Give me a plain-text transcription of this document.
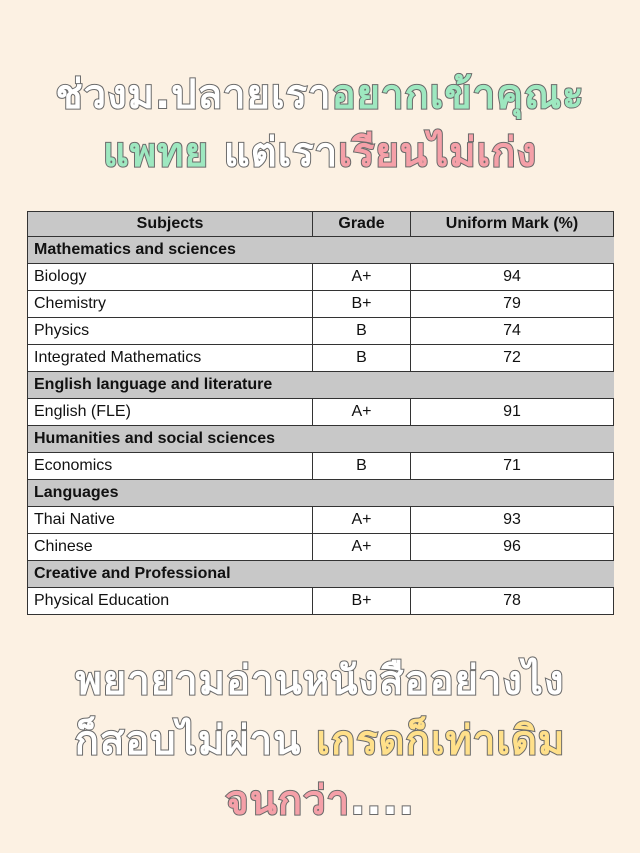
ช่วงม.ปลายเราอยากเข้าคุณะ
แพทย แต่เราเรียนไม่เก่ง
Subjects	Grade	Uniform Mark (%)
Mathematics and sciences		
Biology	A+	94
Chemistry	B+	79
Physics	B	74
Integrated Mathematics	B	72
English language and literature		
English (FLE)	A+	91
Humanities and social sciences		
Economics	B	71
Languages		
Thai Native	A+	93
Chinese	A+	96
Creative and Professional		
Physical Education	B+	78
พยายามอ่านหนังสืออย่างไง
ก็สอบไม่ผ่าน เกรดก็เท่าเดิม
จนกว่า....
